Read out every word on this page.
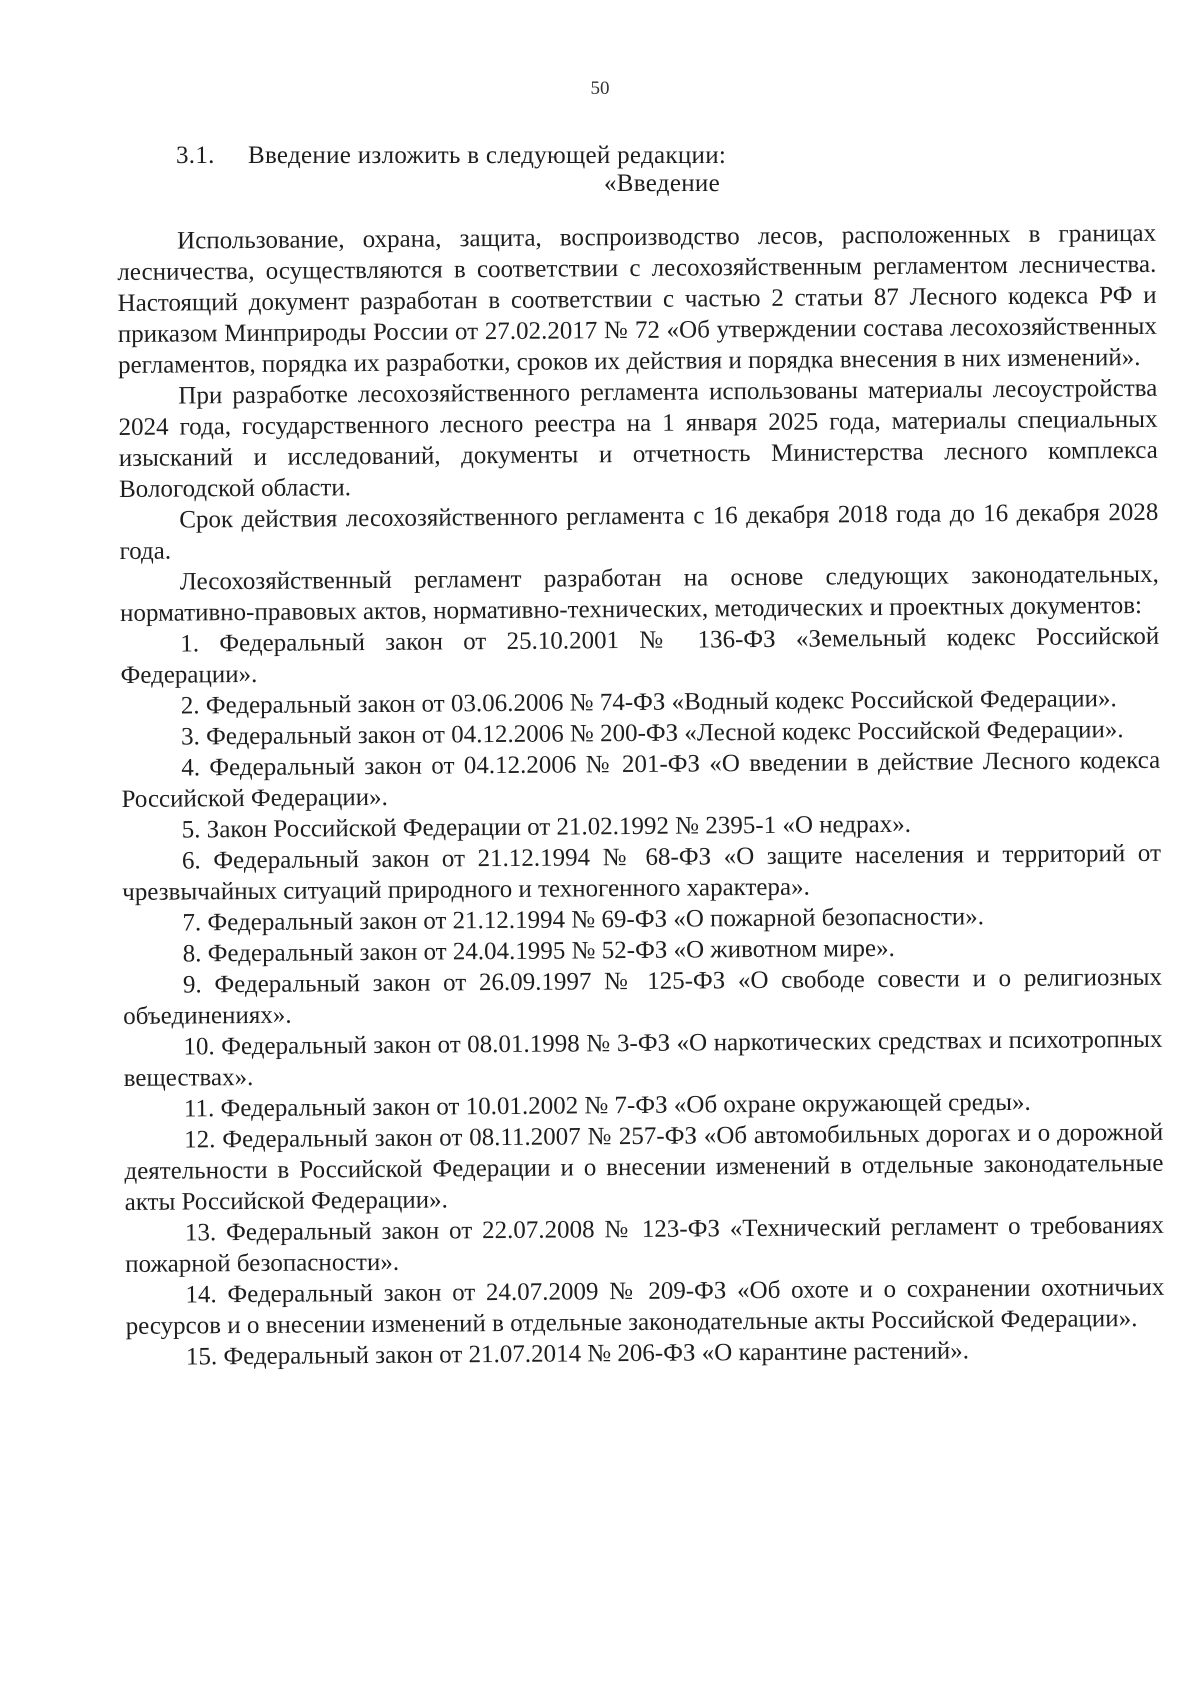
50
3.1. Введение изложить в следующей редакции:
«Введение

Использование, охрана, защита, воспроизводство лесов, расположенных в границах лесничества, осуществляются в соответствии с лесохозяйственным регламентом лесничества. Настоящий документ разработан в соответствии с частью 2 статьи 87 Лесного кодекса РФ и приказом Минприроды России от 27.02.2017 № 72 «Об утверждении состава лесохозяйственных регламентов, порядка их разработки, сроков их действия и порядка внесения в них изменений».

При разработке лесохозяйственного регламента использованы материалы лесоустройства 2024 года, государственного лесного реестра на 1 января 2025 года, материалы специальных изысканий и исследований, документы и отчетность Министерства лесного комплекса Вологодской области.

Срок действия лесохозяйственного регламента с 16 декабря 2018 года до 16 декабря 2028 года.

Лесохозяйственный регламент разработан на основе следующих законодательных, нормативно-правовых актов, нормативно-технических, методических и проектных документов:

1. Федеральный закон от 25.10.2001 № 136-ФЗ «Земельный кодекс Российской Федерации».

2. Федеральный закон от 03.06.2006 № 74-ФЗ «Водный кодекс Российской Федерации».

3. Федеральный закон от 04.12.2006 № 200-ФЗ «Лесной кодекс Российской Федерации».

4. Федеральный закон от 04.12.2006 № 201-ФЗ «О введении в действие Лесного кодекса Российской Федерации».

5. Закон Российской Федерации от 21.02.1992 № 2395-1 «О недрах».

6. Федеральный закон от 21.12.1994 № 68-ФЗ «О защите населения и территорий от чрезвычайных ситуаций природного и техногенного характера».

7. Федеральный закон от 21.12.1994 № 69-ФЗ «О пожарной безопасности».

8. Федеральный закон от 24.04.1995 № 52-ФЗ «О животном мире».

9. Федеральный закон от 26.09.1997 № 125-ФЗ «О свободе совести и о религиозных объединениях».

10. Федеральный закон от 08.01.1998 № 3-ФЗ «О наркотических средствах и психотропных веществах».

11. Федеральный закон от 10.01.2002 № 7-ФЗ «Об охране окружающей среды».

12. Федеральный закон от 08.11.2007 № 257-ФЗ «Об автомобильных дорогах и о дорожной деятельности в Российской Федерации и о внесении изменений в отдельные законодательные акты Российской Федерации».

13. Федеральный закон от 22.07.2008 № 123-ФЗ «Технический регламент о требованиях пожарной безопасности».

14. Федеральный закон от 24.07.2009 № 209-ФЗ «Об охоте и о сохранении охотничьих ресурсов и о внесении изменений в отдельные законодательные акты Российской Федерации».

15. Федеральный закон от 21.07.2014 № 206-ФЗ «О карантине растений».
